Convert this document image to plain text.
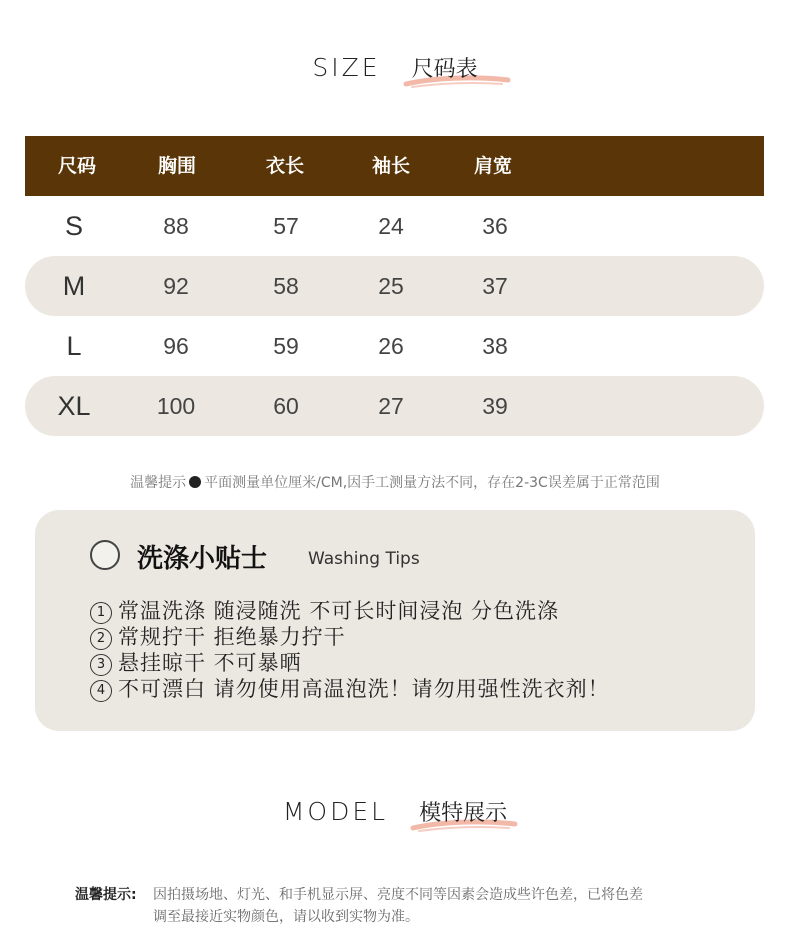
SIZE 尺码表
尺码	胸围	衣长	袖长	肩宽
S	88	57	24	36
M	92	58	25	37
L	96	59	26	38
XL	100	60	27	39
温馨提示 平面测量单位厘米/CM,因手工测量方法不同，存在2-3C误差属于正常范围
洗涤小贴士 Washing Tips
1 常温洗涤 随浸随洗 不可长时间浸泡 分色洗涤
2 常规拧干 拒绝暴力拧干
3 悬挂晾干 不可暴晒
4 不可漂白 请勿使用高温泡洗！请勿用强性洗衣剂！
MODEL 模特展示
温馨提示: 因拍摄场地、灯光、和手机显示屏、亮度不同等因素会造成些许色差，已将色差
调至最接近实物颜色，请以收到实物为准。
